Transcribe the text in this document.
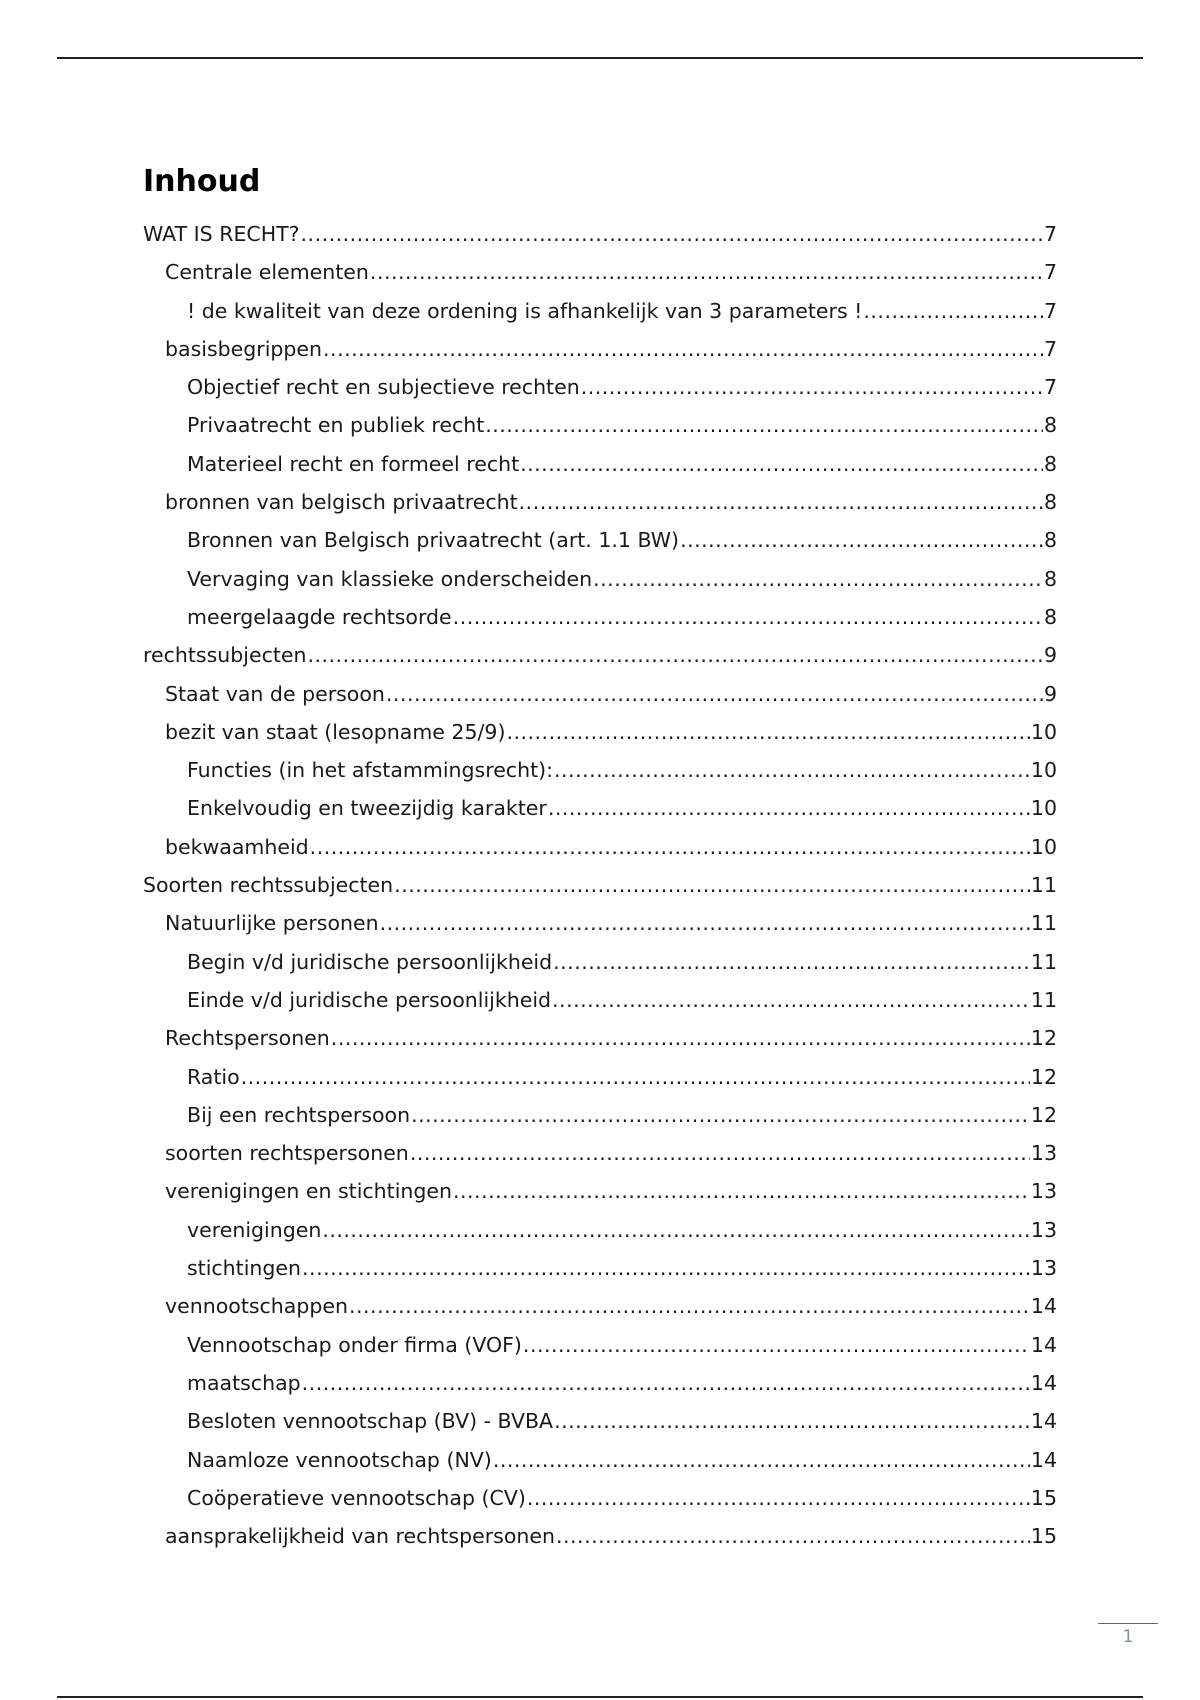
Inhoud
WAT IS RECHT? .....	7
Centrale elementen .....	7
! de kwaliteit van deze ordening is afhankelijk van 3 parameters ! .....	7
basisbegrippen .....	7
Objectief recht en subjectieve rechten .....	7
Privaatrecht en publiek recht .....	8
Materieel recht en formeel recht .....	8
bronnen van belgisch privaatrecht .....	8
Bronnen van Belgisch privaatrecht (art. 1.1 BW) .....	8
Vervaging van klassieke onderscheiden .....	8
meergelaagde rechtsorde .....	8
rechtssubjecten .....	9
Staat van de persoon .....	9
bezit van staat (lesopname 25/9) .....	10
Functies (in het afstammingsrecht): .....	10
Enkelvoudig en tweezijdig karakter .....	10
bekwaamheid .....	10
Soorten rechtssubjecten .....	11
Natuurlijke personen .....	11
Begin v/d juridische persoonlijkheid .....	11
Einde v/d juridische persoonlijkheid .....	11
Rechtspersonen .....	12
Ratio .....	12
Bij een rechtspersoon .....	12
soorten rechtspersonen .....	13
verenigingen en stichtingen .....	13
verenigingen .....	13
stichtingen .....	13
vennootschappen .....	14
Vennootschap onder firma (VOF) .....	14
maatschap .....	14
Besloten vennootschap (BV) - BVBA .....	14
Naamloze vennootschap (NV) .....	14
Coöperatieve vennootschap (CV) .....	15
aansprakelijkheid van rechtspersonen .....	15
1
